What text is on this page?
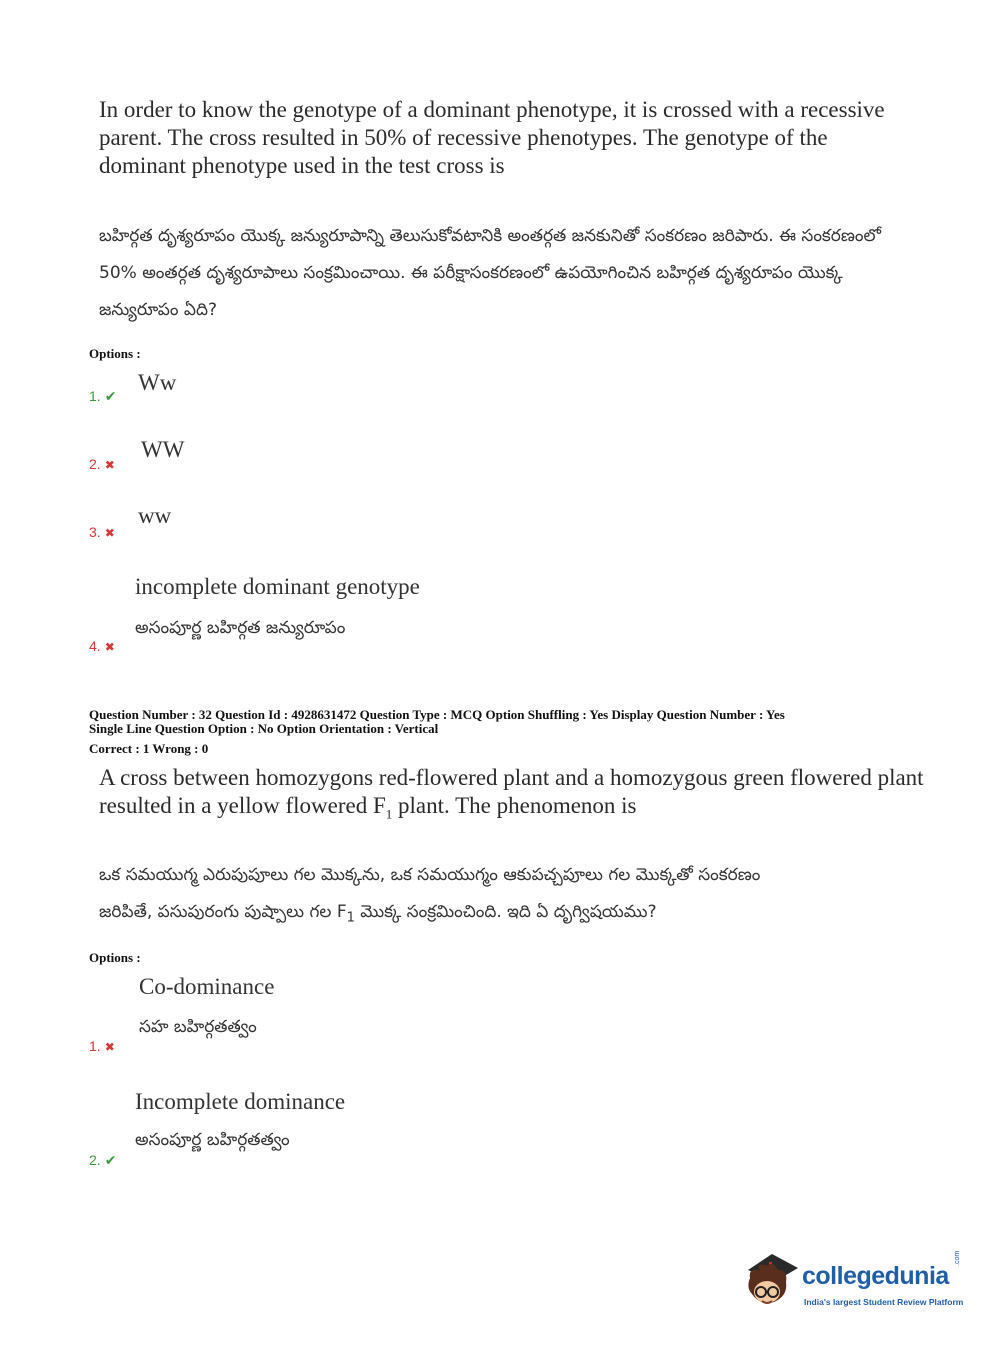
In order to know the genotype of a dominant phenotype, it is crossed with a recessive parent. The cross resulted in 50% of recessive phenotypes. The genotype of the dominant phenotype used in the test cross is
బహిర్గత దృశ్యరూపం యొక్క జన్యురూపాన్ని తెలుసుకోవటానికి అంతర్గత జనకునితో సంకరణం జరిపారు. ఈ సంకరణంలో 50% అంతర్గత దృశ్యరూపాలు సంక్రమించాయి. ఈ పరీక్షాసంకరణంలో ఉపయోగించిన బహిర్గత దృశ్యరూపం యొక్క జన్యురూపం ఏది?
Options :
1. ✔
Ww
2. ✖
WW
3. ✖
ww
incomplete dominant genotype
అసంపూర్ణ బహిర్గత జన్యురూపం
4. ✖
Question Number : 32 Question Id : 4928631472 Question Type : MCQ Option Shuffling : Yes Display Question Number : Yes
Single Line Question Option : No Option Orientation : Vertical
Correct : 1 Wrong : 0
A cross between homozygons red-flowered plant and a homozygous green flowered plant
resulted in a yellow flowered $F_1$ plant. The phenomenon is
ఒక సమయుగ్మ ఎరుపుపూలు గల మొక్కను, ఒక సమయుగ్మం ఆకుపచ్చపూలు గల మొక్కతో సంకరణం
జరిపితే, పసుపురంగు పుష్పాలు గల $F_1$ మొక్క సంక్రమించింది. ఇది ఏ దృగ్విషయము?
Options :
Co-dominance
సహ బహిర్గతత్వం
1. ✖
Incomplete dominance
అసంపూర్ణ బహిర్గతత్వం
2. ✔
collegedunia
.com
India's largest Student Review Platform
